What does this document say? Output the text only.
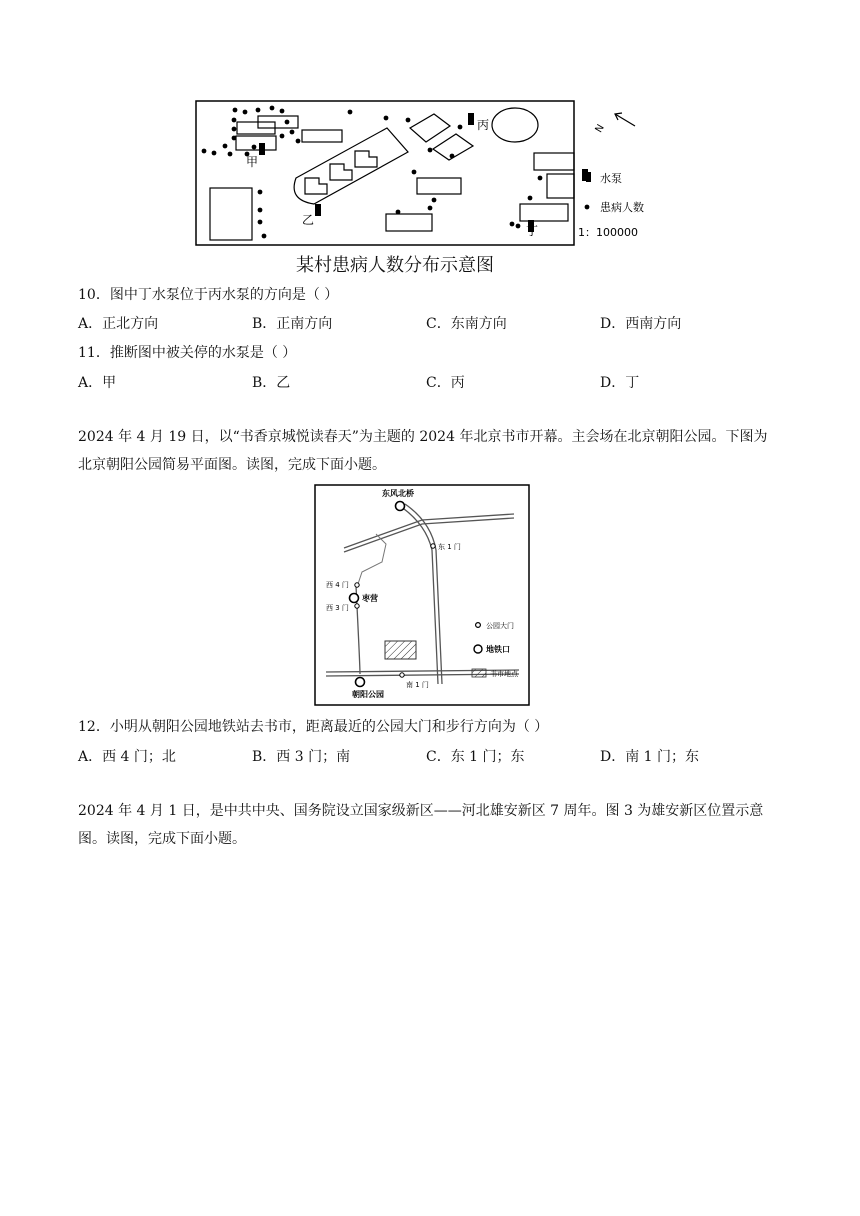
N
甲
乙
丙
丁
水泵
患病人数
1：100000
某村患病人数分布示意图
10．图中丁水泵位于丙水泵的方向是（ ）
A．正北方向	B．正南方向	C．东南方向	D．西南方向
11．推断图中被关停的水泵是（ ）
A．甲	B．乙	C．丙	D．丁
2024 年 4 月 19 日，以“书香京城悦读春天”为主题的 2024 年北京书市开幕。主会场在北京朝阳公园。下图为北京朝阳公园简易平面图。读图，完成下面小题。
东风北桥
东 1 门
西 4 门
枣营
西 3 门
南 1 门
朝阳公园
公园大门
地铁口
书市地点
12．小明从朝阳公园地铁站去书市，距离最近的公园大门和步行方向为（ ）
A．西 4 门；北	B．西 3 门；南	C．东 1 门；东	D．南 1 门；东
2024 年 4 月 1 日，是中共中央、国务院设立国家级新区——河北雄安新区 7 周年。图 3 为雄安新区位置示意图。读图，完成下面小题。
